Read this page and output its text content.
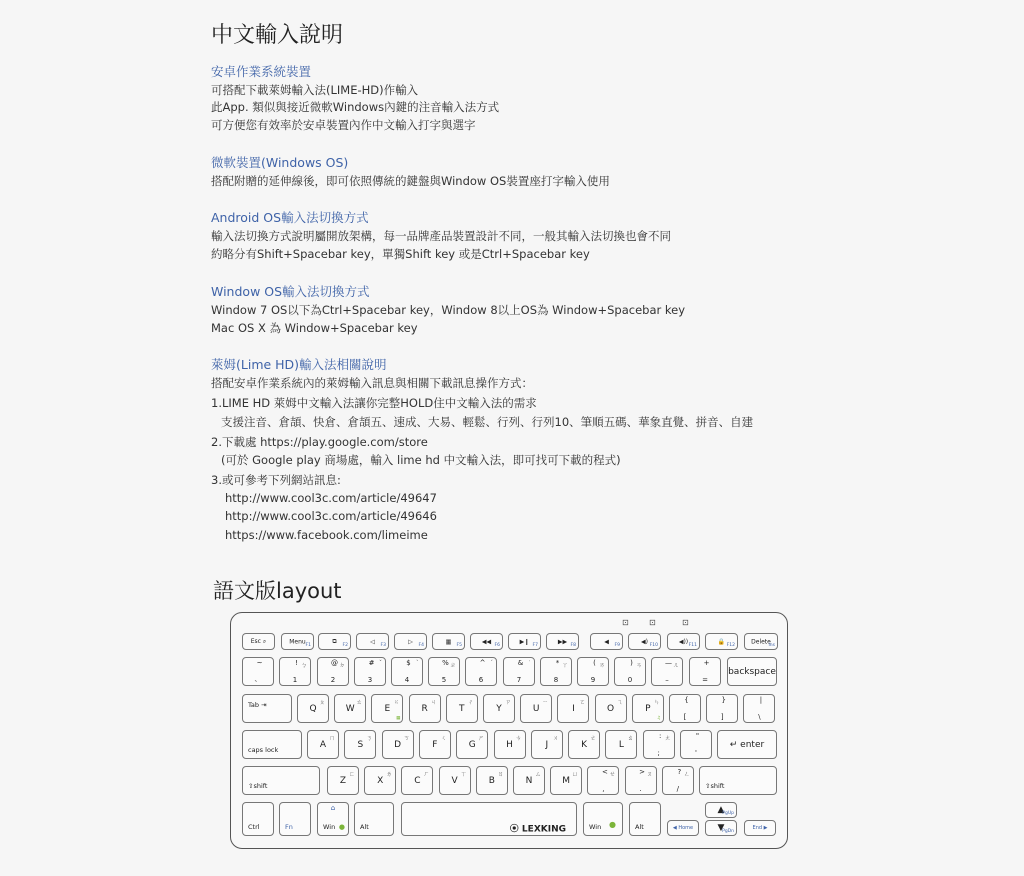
中文輸入說明
安卓作業系統裝置

可搭配下載萊姆輸入法(LIME-HD)作輸入

此App. 類似與接近微軟Windows內鍵的注音輸入法方式

可方便您有效率於安卓裝置內作中文輸入打字與選字

微軟裝置(Windows OS)

搭配附贈的延伸線後，即可依照傳統的鍵盤與Window OS裝置座打字輸入使用

Android OS輸入法切換方式

輸入法切換方式說明屬開放架構，每一品牌產品裝置設計不同，一般其輸入法切換也會不同

約略分有Shift+Spacebar key，單獨Shift key 或是Ctrl+Spacebar key

Window OS輸入法切換方式

Window 7 OS以下為Ctrl+Spacebar key，Window 8以上OS為 Window+Spacebar key

Mac OS X 為 Window+Spacebar key

萊姆(Lime HD)輸入法相關說明

搭配安卓作業系統內的萊姆輸入訊息與相關下載訊息操作方式：

1.LIME HD 萊姆中文輸入法讓你完整HOLD住中文輸入法的需求

支援注音、倉頡、快倉、倉頡五、速成、大易、輕鬆、行列、行列10、筆順五碼、華象直覺、拼音、自建

2.下載處 https://play.google.com/store

(可於 Google play 商場處，輸入 lime hd 中文輸入法，即可找可下載的程式)

3.或可參考下列網站訊息:

http://www.cool3c.com/article/49647

http://www.cool3c.com/article/49646

https://www.facebook.com/limeime

語文版layout
⊡	⊡	⊡
Esc ⌕	Menu
F1
⧉
F2
◁
F3
▷
F4
▦
F5
◀◀
F6
▶❙
F7
▶▶
F8
◀
F9
◀)
F10
◀))
F11
🔒
F12
Delete
Ins
~
、
!
1
ㄅ	@
2
ㄉ	#
3
ˇ	$
4
ˋ	%
5
ㄓ	^
6
ˊ	&
7
˙	*
8
ㄚ	(
9
ㄞ	)
0
ㄢ	—
–
ㄦ	+
=
backspace
Tab ⇥	Q
ㄆ
W
ㄊ
E
ㄍ
▦
R
ㄐ
T
ㄔ
Y
ㄗ
U
ㄧ
I
ㄛ
O
ㄟ
P
ㄣ
♫
{
[
}
]
|
\
caps lock
A
ㄇ
S
ㄋ
D
ㄎ
F
ㄑ
G
ㄕ
H
ㄘ
J
ㄨ
K
ㄜ
L
ㄠ	:
;
ㄤ	"
'
↵ enter
⇧shift
Z
ㄈ
X
ㄌ
C
ㄏ
V
ㄒ
B
ㄖ
N
ㄙ
M
ㄩ	<
,
ㄝ	>
.
ㄡ	?
/
ㄥ
⇧shift
Ctrl	Fn	Win
⌂
● Alt	⦿ LEXKING	Win ●	Alt	◀ Home
▲
PgUp
▼
PgDn
End ▶
